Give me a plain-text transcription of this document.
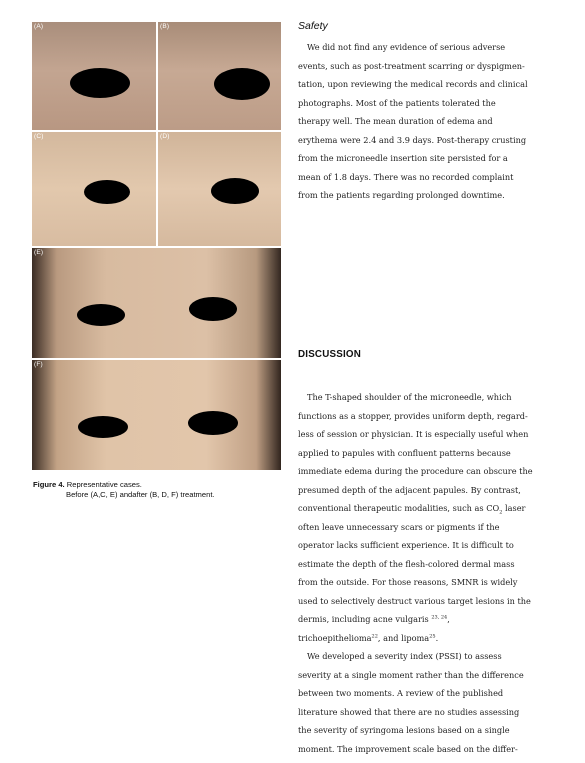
(A)	(B)
(C)	(D)
(E)
(F)
Figure 4. Representative cases.
Before (A,C, E) andafter (B, D, F) treatment.
Safety
We did not find any evidence of serious adverse
events, such as post-treatment scarring or dyspigmen-
tation, upon reviewing the medical records and clinical
photographs. Most of the patients tolerated the
therapy well. The mean duration of edema and
erythema were 2.4 and 3.9 days. Post-therapy crusting
from the microneedle insertion site persisted for a
mean of 1.8 days. There was no recorded complaint
from the patients regarding prolonged downtime.
DISCUSSION
The T-shaped shoulder of the microneedle, which
functions as a stopper, provides uniform depth, regard-
less of session or physician. It is especially useful when
applied to papules with confluent patterns because
immediate edema during the procedure can obscure the
presumed depth of the adjacent papules. By contrast,
conventional therapeutic modalities, such as $CO_2$ laser
often leave unnecessary scars or pigments if the
operator lacks sufficient experience. It is difficult to
estimate the depth of the flesh-colored dermal mass
from the outside. For those reasons, SMNR is widely
used to selectively destruct various target lesions in the
dermis, including acne vulgaris $^{23, 24}$,
trichoepithelioma$^{22}$, and lipoma$^{25}$.
We developed a severity index (PSSI) to assess
severity at a single moment rather than the difference
between two moments. A review of the published
literature showed that there are no studies assessing
the severity of syringoma lesions based on a single
moment. The improvement scale based on the differ-
